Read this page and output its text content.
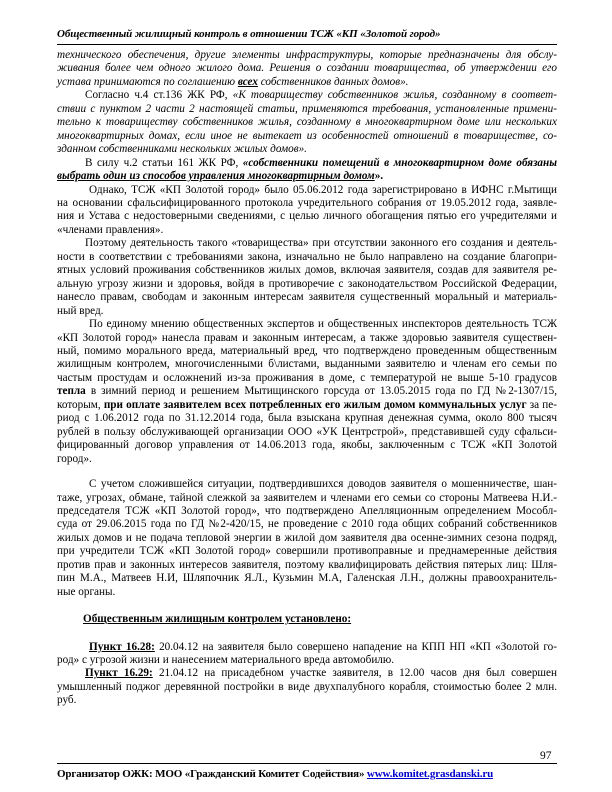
Общественный жилищный контроль в отношении ТСЖ «КП «Золотой город»

технического обеспечения, другие элементы инфраструктуры, которые предназначены для обслу-

живания более чем одного жилого дома. Решения о создании товарищества, об утверждении его

устава принимаются по соглашению всех собственников данных домов».

Согласно ч.4 ст.136 ЖК РФ, «К товариществу собственников жилья, созданному в соответ-

ствии с пунктом 2 части 2 настоящей статьи, применяются требования, установленные примени-

тельно к товариществу собственников жилья, созданному в многоквартирном доме или нескольких

многоквартирных домах, если иное не вытекает из особенностей отношений в товариществе, со-

зданном собственниками нескольких жилых домов».

В силу ч.2 статьи 161 ЖК РФ, «собственники помещений в многоквартирном доме обязаны

выбрать один из способов управления многоквартирным домом».

Однако, ТСЖ «КП Золотой город» было 05.06.2012 года зарегистрировано в ИФНС г.Мытищи

на основании сфальсифицированного протокола учредительного собрания от 19.05.2012 года, заявле-

ния и Устава с недостоверными сведениями, с целью личного обогащения пятью его учредителями и

«членами правления».

Поэтому деятельность такого «товарищества» при отсутствии законного его создания и деятель-

ности в соответствии с требованиями закона, изначально не было направлено на создание благопри-

ятных условий проживания собственников жилых домов, включая заявителя, создав для заявителя ре-

альную угрозу жизни и здоровья, войдя в противоречие с законодательством Российской Федерации,

нанесло правам, свободам и законным интересам заявителя существенный моральный и материаль-

ный вред.

По единому мнению общественных экспертов и общественных инспекторов деятельность ТСЖ

«КП Золотой город» нанесла правам и законным интересам, а также здоровью заявителя существен-

ный, помимо морального вреда, материальный вред, что подтверждено проведенным общественным

жилищным контролем, многочисленными б\листами, выданными заявителю и членам его семьи по

частым простудам и осложнений из-за проживания в доме, с температурой не выше 5-10 градусов

тепла в зимний период и решением Мытищинского горсуда от 13.05.2015 года по ГД №2-1307/15,

которым, при оплате заявителем всех потребленных его жилым домом коммунальных услуг за пе-

риод с 1.06.2012 года по 31.12.2014 года, была взыскана крупная денежная сумма, около 800 тысяч

рублей в пользу обслуживающей организации ООО «УК Центрстрой», представившей суду сфальси-

фицированный договор управления от 14.06.2013 года, якобы, заключенным с ТСЖ «КП Золотой

город».

С учетом сложившейся ситуации, подтвердившихся доводов заявителя о мошенничестве, шан-

таже, угрозах, обмане, тайной слежкой за заявителем и членами его семьи со стороны Матвеева Н.И.-

председателя ТСЖ «КП Золотой город», что подтверждено Апелляционным определением Мособл-

суда от 29.06.2015 года по ГД №2-420/15, не проведение с 2010 года общих собраний собственников

жилых домов и не подача тепловой энергии в жилой дом заявителя два осенне-зимних сезона подряд,

при учредители ТСЖ «КП Золотой город» совершили противоправные и преднамеренные действия

против прав и законных интересов заявителя, поэтому квалифицировать действия пятерых лиц: Шля-

пин М.А., Матвеев Н.И, Шляпочник Я.Л., Кузьмин М.А, Галенская Л.Н., должны правоохранитель-

ные органы.

Общественным жилищным контролем установлено:

Пункт 16.28: 20.04.12 на заявителя было совершено нападение на КПП НП «КП «Золотой го-

род» с угрозой жизни и нанесением материального вреда автомобилю.

Пункт 16.29: 21.04.12 на присадебном участке заявителя, в 12.00 часов дня был совершен

умышленный поджог деревянной постройки в виде двухпалубного корабля, стоимостью более 2 млн.

руб.

97
Организатор ОЖК: МОО «Гражданский Комитет Содействия» www.komitet.grasdanski.ru
